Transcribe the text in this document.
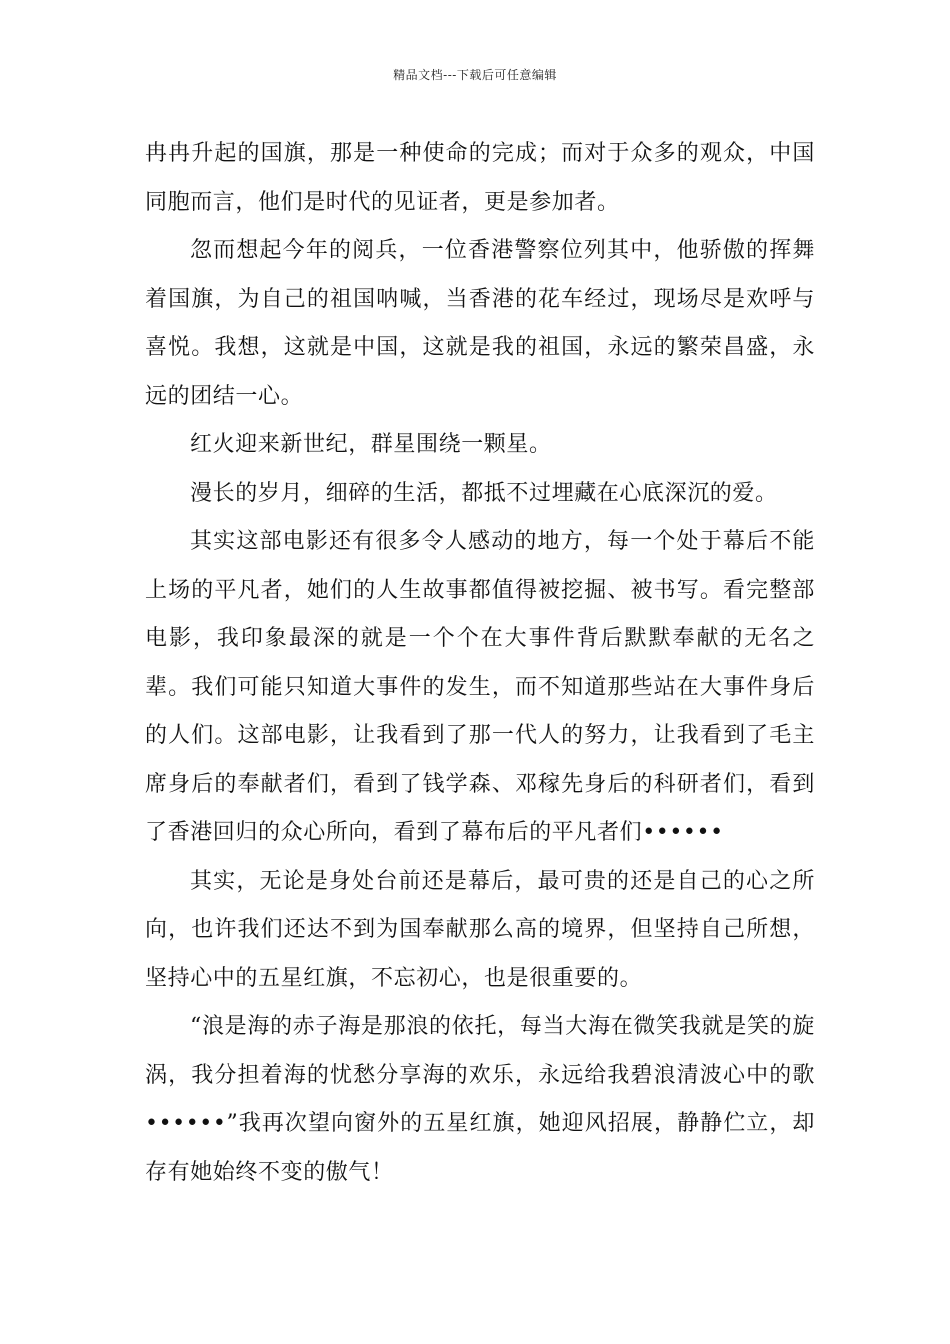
精品文档---下载后可任意编辑

冉冉升起的国旗，那是一种使命的完成；而对于众多的观众，中国同胞而言，他们是时代的见证者，更是参加者。

忽而想起今年的阅兵，一位香港警察位列其中，他骄傲的挥舞着国旗，为自己的祖国呐喊，当香港的花车经过，现场尽是欢呼与喜悦。我想，这就是中国，这就是我的祖国，永远的繁荣昌盛，永远的团结一心。

红火迎来新世纪，群星围绕一颗星。

漫长的岁月，细碎的生活，都抵不过埋藏在心底深沉的爱。

其实这部电影还有很多令人感动的地方，每一个处于幕后不能上场的平凡者，她们的人生故事都值得被挖掘、被书写。看完整部电影，我印象最深的就是一个个在大事件背后默默奉献的无名之辈。我们可能只知道大事件的发生，而不知道那些站在大事件身后的人们。这部电影，让我看到了那一代人的努力，让我看到了毛主席身后的奉献者们，看到了钱学森、邓稼先身后的科研者们，看到了香港回归的众心所向，看到了幕布后的平凡者们••••••

其实，无论是身处台前还是幕后，最可贵的还是自己的心之所向，也许我们还达不到为国奉献那么高的境界，但坚持自己所想，坚持心中的五星红旗，不忘初心，也是很重要的。

“浪是海的赤子海是那浪的依托，每当大海在微笑我就是笑的旋涡，我分担着海的忧愁分享海的欢乐，永远给我碧浪清波心中的歌••••••”我再次望向窗外的五星红旗，她迎风招展，静静伫立，却存有她始终不变的傲气！
